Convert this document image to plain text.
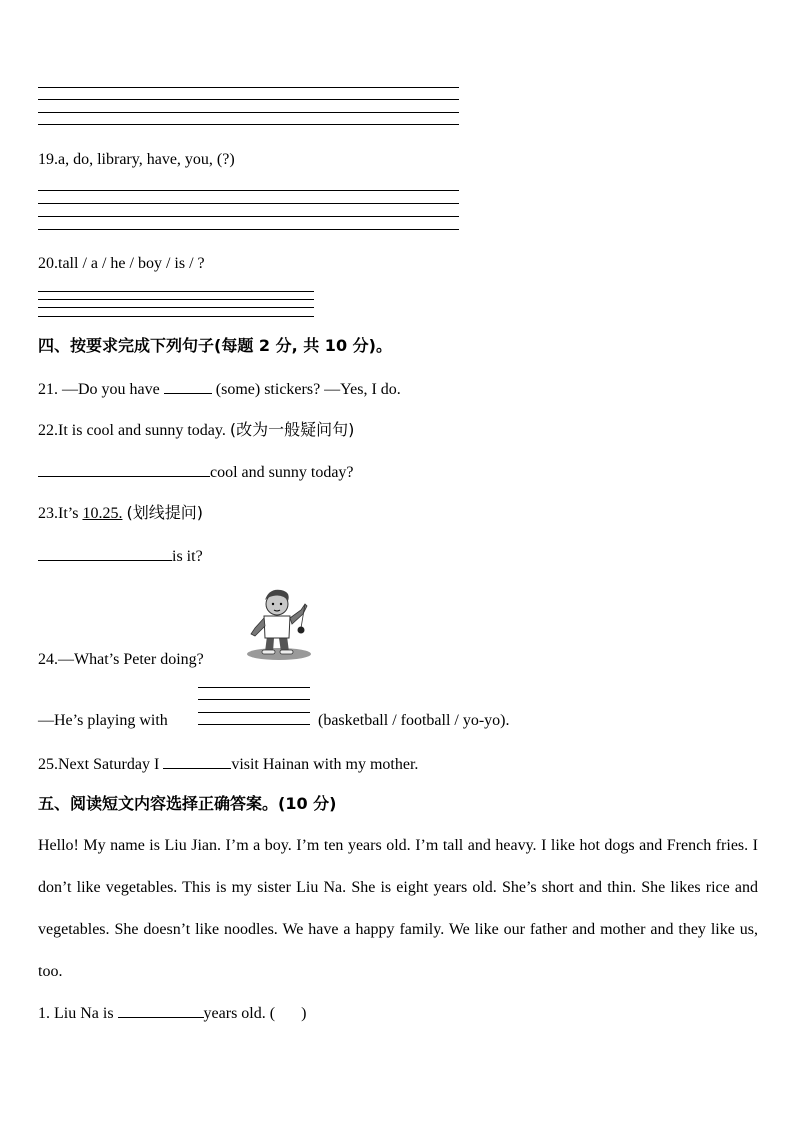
19.a, do, library, have, you, (?)
20.tall / a / he / boy / is / ?
四、按要求完成下列句子(每题 2 分, 共 10 分)。
21. —Do you have	(some) stickers? —Yes, I do.
22.It is cool and sunny today. (改为一般疑问句)
cool and sunny today?
23.It’s 10.25. (划线提问)
is it?
24.—What’s Peter doing?
—He’s playing with	(basketball / football / yo-yo).
25.Next Saturday I	visit Hainan with my mother.
五、阅读短文内容选择正确答案。(10 分)
Hello! My name is Liu Jian. I’m a boy. I’m ten years old. I’m tall and heavy. I like hot dogs and French fries. I don’t like vegetables. This is my sister Liu Na. She is eight years old. She’s short and thin. She likes rice and vegetables. She doesn’t like noodles. We have a happy family. We like our father and mother and they like us, too.
1. Liu Na is	years old. ( )
